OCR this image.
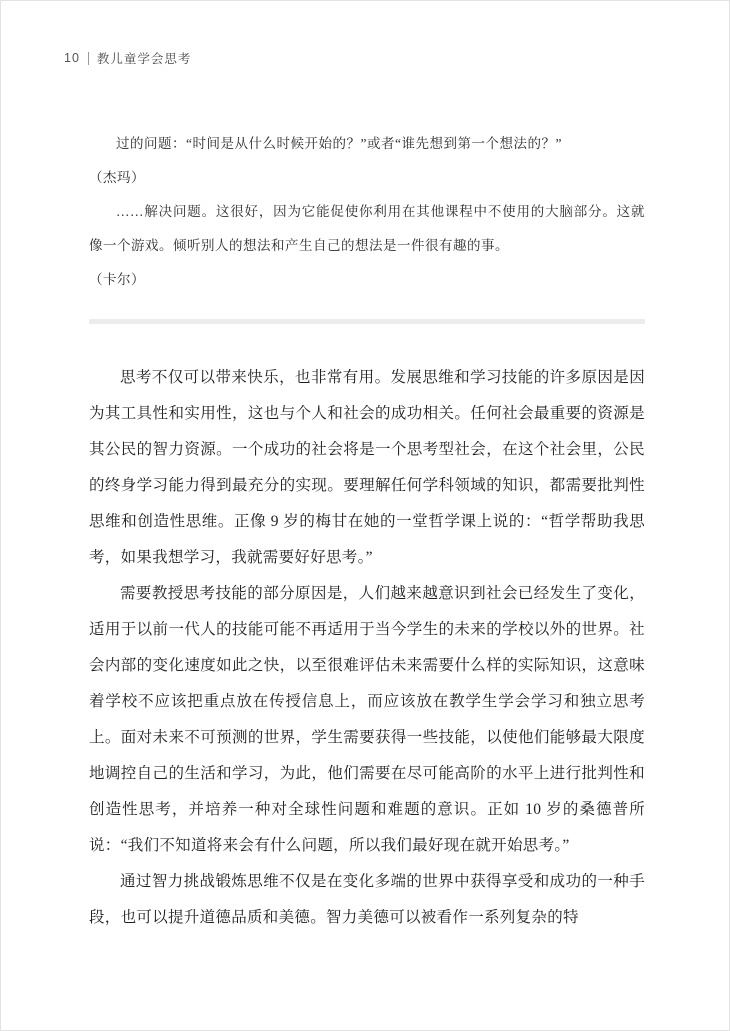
10 教儿童学会思考

过的问题：“时间是从什么时候开始的？”或者“谁先想到第一个想法的？”

（杰玛）

……解决问题。这很好，因为它能促使你利用在其他课程中不使用的大脑部分。这就像一个游戏。倾听别人的想法和产生自己的想法是一件很有趣的事。

（卡尔）

思考不仅可以带来快乐，也非常有用。发展思维和学习技能的许多原因是因为其工具性和实用性，这也与个人和社会的成功相关。任何社会最重要的资源是其公民的智力资源。一个成功的社会将是一个思考型社会，在这个社会里，公民的终身学习能力得到最充分的实现。要理解任何学科领域的知识，都需要批判性思维和创造性思维。正像 9 岁的梅甘在她的一堂哲学课上说的：“哲学帮助我思考，如果我想学习，我就需要好好思考。”

需要教授思考技能的部分原因是，人们越来越意识到社会已经发生了变化，适用于以前一代人的技能可能不再适用于当今学生的未来的学校以外的世界。社会内部的变化速度如此之快，以至很难评估未来需要什么样的实际知识，这意味着学校不应该把重点放在传授信息上，而应该放在教学生学会学习和独立思考上。面对未来不可预测的世界，学生需要获得一些技能，以使他们能够最大限度地调控自己的生活和学习，为此，他们需要在尽可能高阶的水平上进行批判性和创造性思考，并培养一种对全球性问题和难题的意识。正如 10 岁的桑德普所说：“我们不知道将来会有什么问题，所以我们最好现在就开始思考。”

通过智力挑战锻炼思维不仅是在变化多端的世界中获得享受和成功的一种手段，也可以提升道德品质和美德。智力美德可以被看作一系列复杂的特
